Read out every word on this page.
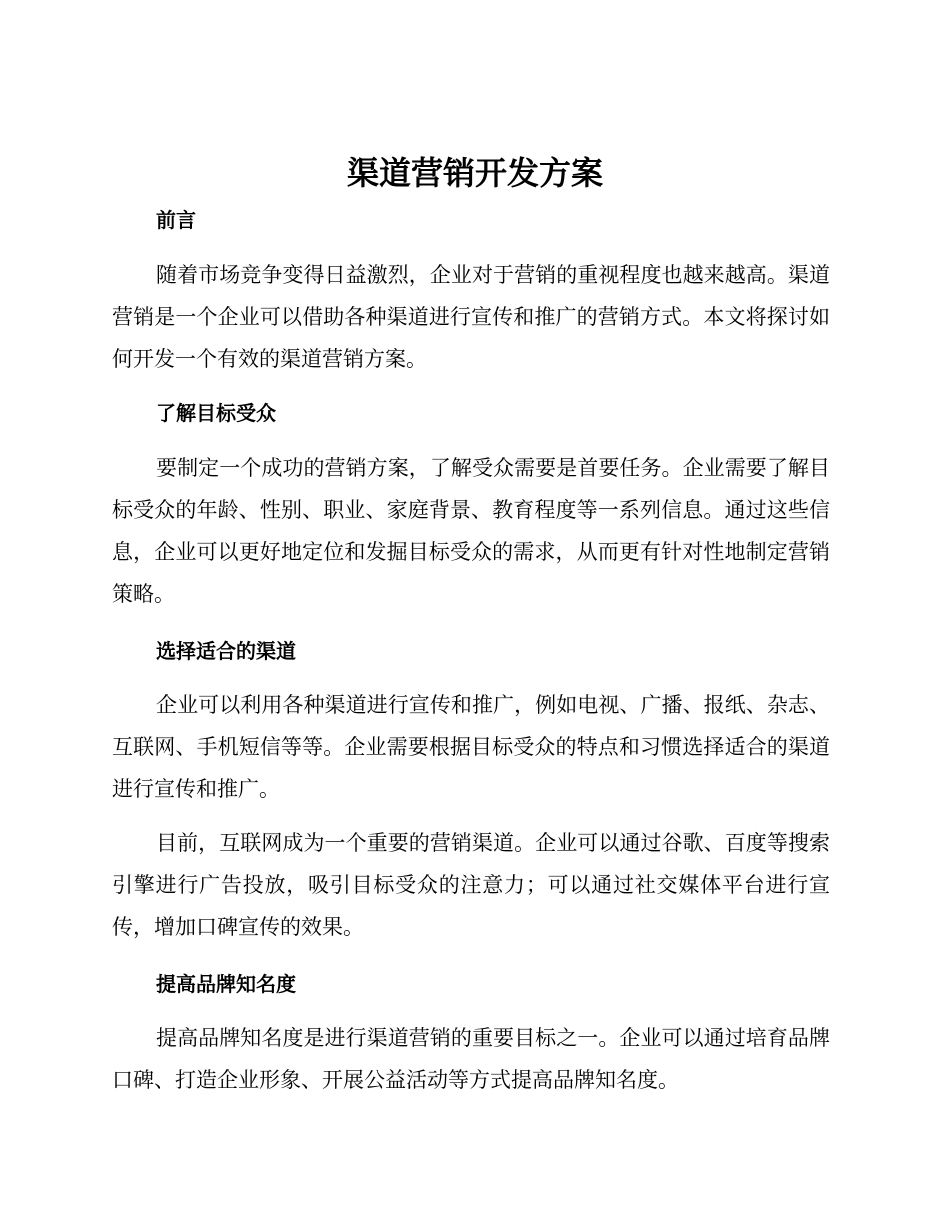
渠道营销开发方案
前言

随着市场竞争变得日益激烈，企业对于营销的重视程度也越来越高。渠道营销是一个企业可以借助各种渠道进行宣传和推广的营销方式。本文将探讨如何开发一个有效的渠道营销方案。

了解目标受众

要制定一个成功的营销方案，了解受众需要是首要任务。企业需要了解目标受众的年龄、性别、职业、家庭背景、教育程度等一系列信息。通过这些信息，企业可以更好地定位和发掘目标受众的需求，从而更有针对性地制定营销策略。

选择适合的渠道

企业可以利用各种渠道进行宣传和推广，例如电视、广播、报纸、杂志、互联网、手机短信等等。企业需要根据目标受众的特点和习惯选择适合的渠道进行宣传和推广。

目前，互联网成为一个重要的营销渠道。企业可以通过谷歌、百度等搜索引擎进行广告投放，吸引目标受众的注意力；可以通过社交媒体平台进行宣传，增加口碑宣传的效果。

提高品牌知名度

提高品牌知名度是进行渠道营销的重要目标之一。企业可以通过培育品牌口碑、打造企业形象、开展公益活动等方式提高品牌知名度。
